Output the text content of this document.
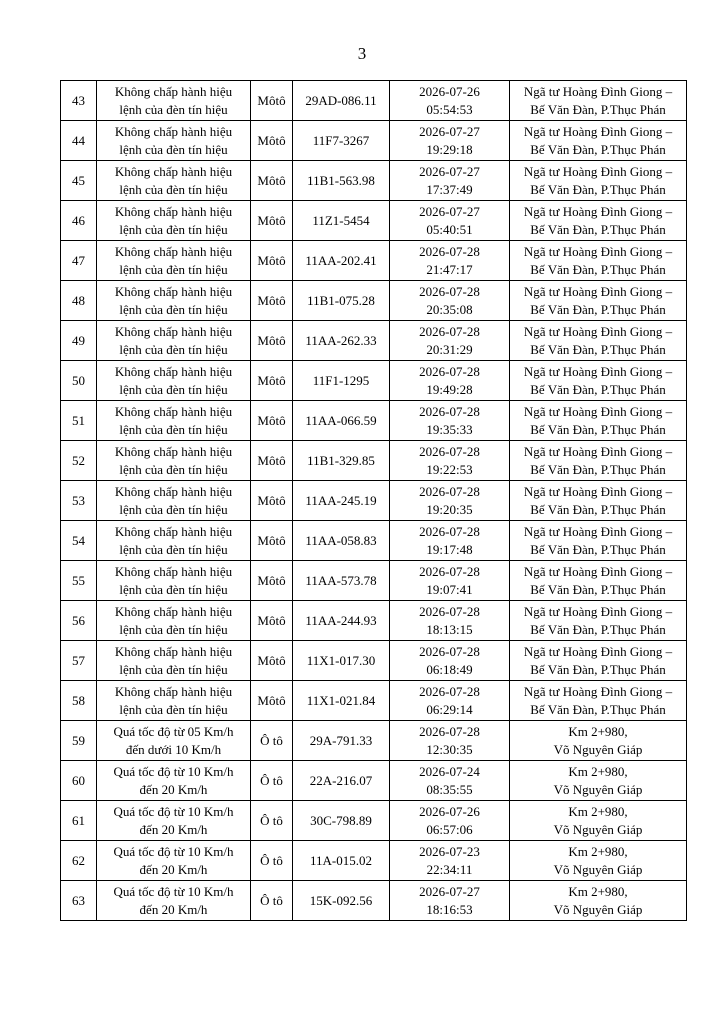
3
43	Không chấp hành hiệu
lệnh của đèn tín hiệu	Môtô	29AD-086.11	2026-07-26
05:54:53	Ngã tư Hoàng Đình Giong –
Bế Văn Đàn, P.Thục Phán

44	Không chấp hành hiệu
lệnh của đèn tín hiệu	Môtô	11F7-3267	2026-07-27
19:29:18	Ngã tư Hoàng Đình Giong –
Bế Văn Đàn, P.Thục Phán

45	Không chấp hành hiệu
lệnh của đèn tín hiệu	Môtô	11B1-563.98	2026-07-27
17:37:49	Ngã tư Hoàng Đình Giong –
Bế Văn Đàn, P.Thục Phán

46	Không chấp hành hiệu
lệnh của đèn tín hiệu	Môtô	11Z1-5454	2026-07-27
05:40:51	Ngã tư Hoàng Đình Giong –
Bế Văn Đàn, P.Thục Phán

47	Không chấp hành hiệu
lệnh của đèn tín hiệu	Môtô	11AA-202.41	2026-07-28
21:47:17	Ngã tư Hoàng Đình Giong –
Bế Văn Đàn, P.Thục Phán

48	Không chấp hành hiệu
lệnh của đèn tín hiệu	Môtô	11B1-075.28	2026-07-28
20:35:08	Ngã tư Hoàng Đình Giong –
Bế Văn Đàn, P.Thục Phán

49	Không chấp hành hiệu
lệnh của đèn tín hiệu	Môtô	11AA-262.33	2026-07-28
20:31:29	Ngã tư Hoàng Đình Giong –
Bế Văn Đàn, P.Thục Phán

50	Không chấp hành hiệu
lệnh của đèn tín hiệu	Môtô	11F1-1295	2026-07-28
19:49:28	Ngã tư Hoàng Đình Giong –
Bế Văn Đàn, P.Thục Phán

51	Không chấp hành hiệu
lệnh của đèn tín hiệu	Môtô	11AA-066.59	2026-07-28
19:35:33	Ngã tư Hoàng Đình Giong –
Bế Văn Đàn, P.Thục Phán

52	Không chấp hành hiệu
lệnh của đèn tín hiệu	Môtô	11B1-329.85	2026-07-28
19:22:53	Ngã tư Hoàng Đình Giong –
Bế Văn Đàn, P.Thục Phán

53	Không chấp hành hiệu
lệnh của đèn tín hiệu	Môtô	11AA-245.19	2026-07-28
19:20:35	Ngã tư Hoàng Đình Giong –
Bế Văn Đàn, P.Thục Phán

54	Không chấp hành hiệu
lệnh của đèn tín hiệu	Môtô	11AA-058.83	2026-07-28
19:17:48	Ngã tư Hoàng Đình Giong –
Bế Văn Đàn, P.Thục Phán

55	Không chấp hành hiệu
lệnh của đèn tín hiệu	Môtô	11AA-573.78	2026-07-28
19:07:41	Ngã tư Hoàng Đình Giong –
Bế Văn Đàn, P.Thục Phán

56	Không chấp hành hiệu
lệnh của đèn tín hiệu	Môtô	11AA-244.93	2026-07-28
18:13:15	Ngã tư Hoàng Đình Giong –
Bế Văn Đàn, P.Thục Phán

57	Không chấp hành hiệu
lệnh của đèn tín hiệu	Môtô	11X1-017.30	2026-07-28
06:18:49	Ngã tư Hoàng Đình Giong –
Bế Văn Đàn, P.Thục Phán

58	Không chấp hành hiệu
lệnh của đèn tín hiệu	Môtô	11X1-021.84	2026-07-28
06:29:14	Ngã tư Hoàng Đình Giong –
Bế Văn Đàn, P.Thục Phán

59	Quá tốc độ từ 05 Km/h
đến dưới 10 Km/h	Ô tô	29A-791.33	2026-07-28
12:30:35	Km 2+980,
Võ Nguyên Giáp

60	Quá tốc độ từ 10 Km/h
đến 20 Km/h	Ô tô	22A-216.07	2026-07-24
08:35:55	Km 2+980,
Võ Nguyên Giáp

61	Quá tốc độ từ 10 Km/h
đến 20 Km/h	Ô tô	30C-798.89	2026-07-26
06:57:06	Km 2+980,
Võ Nguyên Giáp

62	Quá tốc độ từ 10 Km/h
đến 20 Km/h	Ô tô	11A-015.02	2026-07-23
22:34:11	Km 2+980,
Võ Nguyên Giáp

63	Quá tốc độ từ 10 Km/h
đến 20 Km/h	Ô tô	15K-092.56	2026-07-27
18:16:53	Km 2+980,
Võ Nguyên Giáp
